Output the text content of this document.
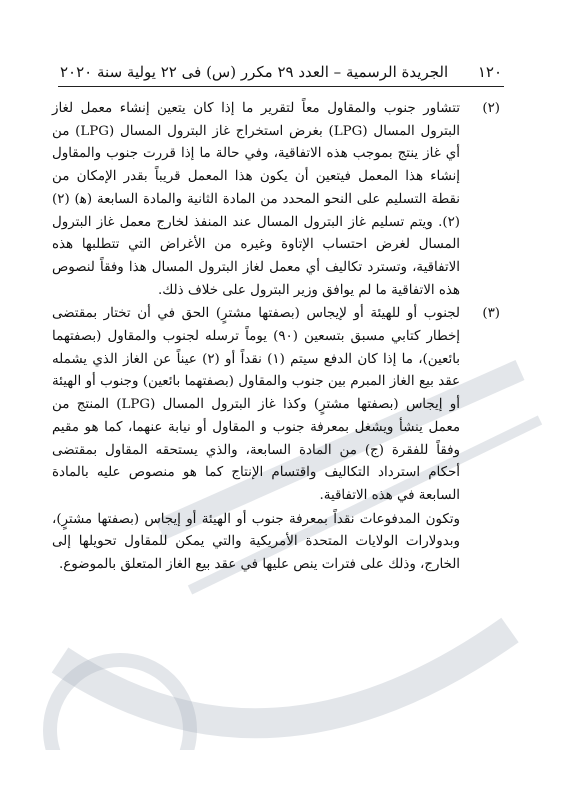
١٢٠
الجريدة الرسمية – العدد ٢٩ مكرر (س) فى ٢٢ يولية سنة ٢٠٢٠
(٢)
تتشاور جنوب والمقاول معاً لتقرير ما إذا كان يتعين إنشاء معمل لغاز البترول المسال (LPG) بغرض استخراج غاز البترول المسال (LPG) من أي غاز ينتج بموجب هذه الاتفاقية، وفي حالة ما إذا قررت جنوب والمقاول إنشاء هذا المعمل فيتعين أن يكون هذا المعمل قريباً بقدر الإمكان من نقطة التسليم على النحو المحدد من المادة الثانية والمادة السابعة (ﻫ) (٢) (٢). ويتم تسليم غاز البترول المسال عند المنفذ لخارج معمل غاز البترول المسال لغرض احتساب الإتاوة وغيره من الأغراض التي تتطلبها هذه الاتفاقية، وتسترد تكاليف أي معمل لغاز البترول المسال هذا وفقاً لنصوص هذه الاتفاقية ما لم يوافق وزير البترول على خلاف ذلك.
(٣)
لجنوب أو للهيئة أو لإيجاس (بصفتها مشترٍ) الحق في أن تختار بمقتضى إخطار كتابي مسبق بتسعين (٩٠) يوماً ترسله لجنوب والمقاول (بصفتهما بائعين)، ما إذا كان الدفع سيتم (١) نقداً أو (٢) عيناً عن الغاز الذي يشمله عقد بيع الغاز المبرم بين جنوب والمقاول (بصفتهما بائعين) وجنوب أو الهيئة أو إيجاس (بصفتها مشترٍ) وكذا غاز البترول المسال (LPG) المنتج من معمل ينشأ ويشغل بمعرفة جنوب و المقاول أو نيابة عنهما، كما هو مقيم وفقاً للفقرة (ج) من المادة السابعة، والذي يستحقه المقاول بمقتضى أحكام استرداد التكاليف واقتسام الإنتاج كما هو منصوص عليه بالمادة السابعة في هذه الاتفاقية.
وتكون المدفوعات نقداً بمعرفة جنوب أو الهيئة أو إيجاس (بصفتها مشترٍ)، وبدولارات الولايات المتحدة الأمريكية والتي يمكن للمقاول تحويلها إلى الخارج، وذلك على فترات ينص عليها في عقد بيع الغاز المتعلق بالموضوع.
